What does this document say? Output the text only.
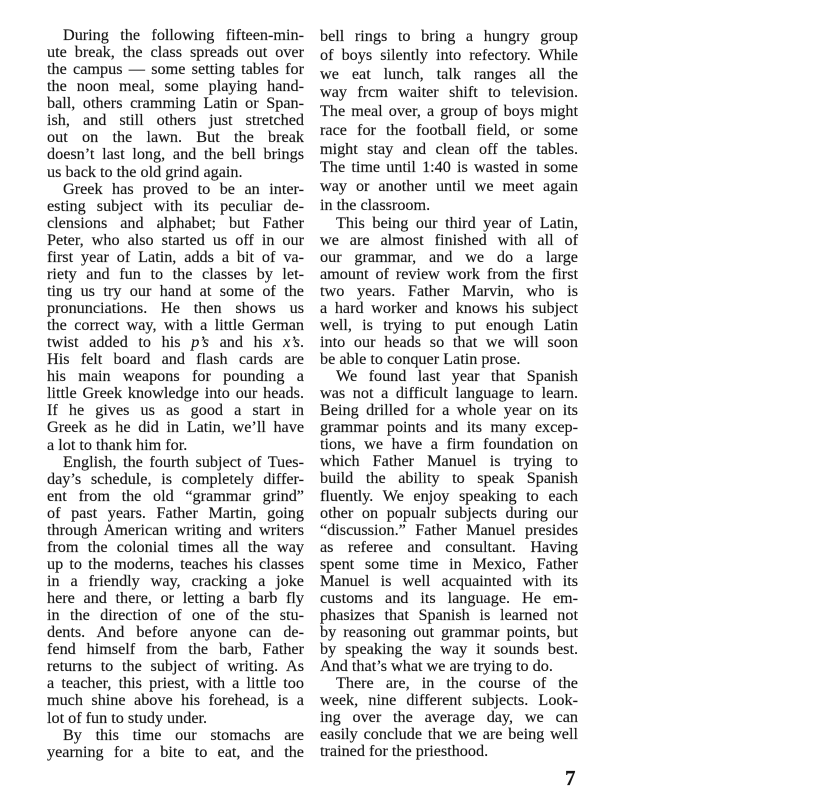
During the following fifteen-min-
ute break, the class spreads out over
the campus — some setting tables for
the noon meal, some playing hand-
ball, others cramming Latin or Span-
ish, and still others just stretched
out on the lawn. But the break
doesn’t last long, and the bell brings
us back to the old grind again.
Greek has proved to be an inter-
esting subject with its peculiar de-
clensions and alphabet; but Father
Peter, who also started us off in our
first year of Latin, adds a bit of va-
riety and fun to the classes by let-
ting us try our hand at some of the
pronunciations. He then shows us
the correct way, with a little German
twist added to his p’s and his x’s.
His felt board and flash cards are
his main weapons for pounding a
little Greek knowledge into our heads.
If he gives us as good a start in
Greek as he did in Latin, we’ll have
a lot to thank him for.
English, the fourth subject of Tues-
day’s schedule, is completely differ-
ent from the old “grammar grind”
of past years. Father Martin, going
through American writing and writers
from the colonial times all the way
up to the moderns, teaches his classes
in a friendly way, cracking a joke
here and there, or letting a barb fly
in the direction of one of the stu-
dents. And before anyone can de-
fend himself from the barb, Father
returns to the subject of writing. As
a teacher, this priest, with a little too
much shine above his forehead, is a
lot of fun to study under.
By this time our stomachs are
yearning for a bite to eat, and the
bell rings to bring a hungry group
of boys silently into refectory. While
we eat lunch, talk ranges all the
way frcm waiter shift to television.
The meal over, a group of boys might
race for the football field, or some
might stay and clean off the tables.
The time until 1:40 is wasted in some
way or another until we meet again
in the classroom.
This being our third year of Latin,
we are almost finished with all of
our grammar, and we do a large
amount of review work from the first
two years. Father Marvin, who is
a hard worker and knows his subject
well, is trying to put enough Latin
into our heads so that we will soon
be able to conquer Latin prose.
We found last year that Spanish
was not a difficult language to learn.
Being drilled for a whole year on its
grammar points and its many excep-
tions, we have a firm foundation on
which Father Manuel is trying to
build the ability to speak Spanish
fluently. We enjoy speaking to each
other on popualr subjects during our
“discussion.” Father Manuel presides
as referee and consultant. Having
spent some time in Mexico, Father
Manuel is well acquainted with its
customs and its language. He em-
phasizes that Spanish is learned not
by reasoning out grammar points, but
by speaking the way it sounds best.
And that’s what we are trying to do.
There are, in the course of the
week, nine different subjects. Look-
ing over the average day, we can
easily conclude that we are being well
trained for the priesthood.
7
